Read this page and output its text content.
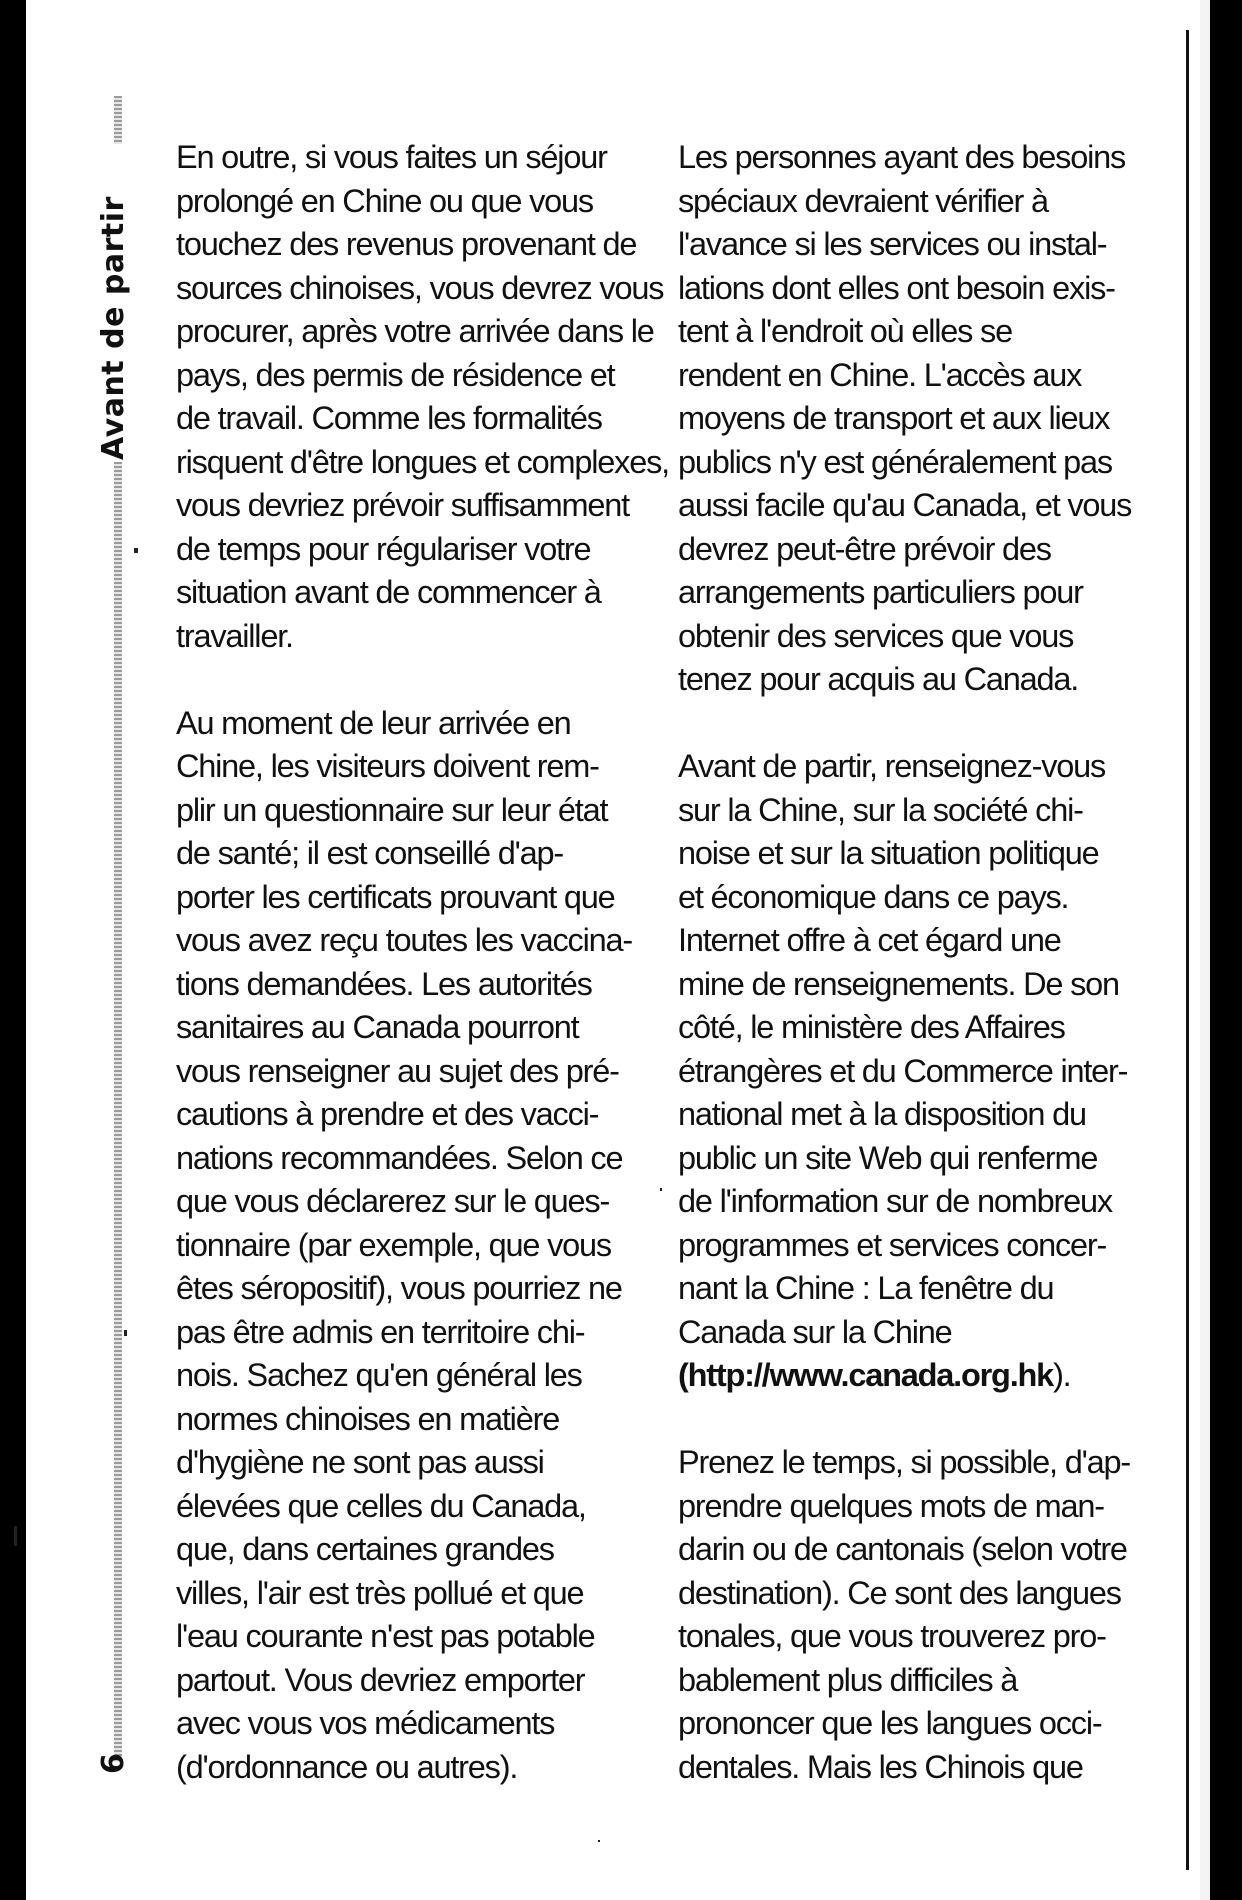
Avant de partir
6
En outre, si vous faites un séjour
prolongé en Chine ou que vous
touchez des revenus provenant de
sources chinoises, vous devrez vous
procurer, après votre arrivée dans le
pays, des permis de résidence et
de travail. Comme les formalités
risquent d'être longues et complexes,
vous devriez prévoir suffisamment
de temps pour régulariser votre
situation avant de commencer à
travailler.
Au moment de leur arrivée en
Chine, les visiteurs doivent rem-
plir un questionnaire sur leur état
de santé; il est conseillé d'ap-
porter les certificats prouvant que
vous avez reçu toutes les vaccina-
tions demandées. Les autorités
sanitaires au Canada pourront
vous renseigner au sujet des pré-
cautions à prendre et des vacci-
nations recommandées. Selon ce
que vous déclarerez sur le ques-
tionnaire (par exemple, que vous
êtes séropositif), vous pourriez ne
pas être admis en territoire chi-
nois. Sachez qu'en général les
normes chinoises en matière
d'hygiène ne sont pas aussi
élevées que celles du Canada,
que, dans certaines grandes
villes, l'air est très pollué et que
l'eau courante n'est pas potable
partout. Vous devriez emporter
avec vous vos médicaments
(d'ordonnance ou autres).
Les personnes ayant des besoins
spéciaux devraient vérifier à
l'avance si les services ou instal-
lations dont elles ont besoin exis-
tent à l'endroit où elles se
rendent en Chine. L'accès aux
moyens de transport et aux lieux
publics n'y est généralement pas
aussi facile qu'au Canada, et vous
devrez peut-être prévoir des
arrangements particuliers pour
obtenir des services que vous
tenez pour acquis au Canada.
Avant de partir, renseignez-vous
sur la Chine, sur la société chi-
noise et sur la situation politique
et économique dans ce pays.
Internet offre à cet égard une
mine de renseignements. De son
côté, le ministère des Affaires
étrangères et du Commerce inter-
national met à la disposition du
public un site Web qui renferme
de l'information sur de nombreux
programmes et services concer-
nant la Chine : La fenêtre du
Canada sur la Chine
(http://www.canada.org.hk).
Prenez le temps, si possible, d'ap-
prendre quelques mots de man-
darin ou de cantonais (selon votre
destination). Ce sont des langues
tonales, que vous trouverez pro-
bablement plus difficiles à
prononcer que les langues occi-
dentales. Mais les Chinois que
